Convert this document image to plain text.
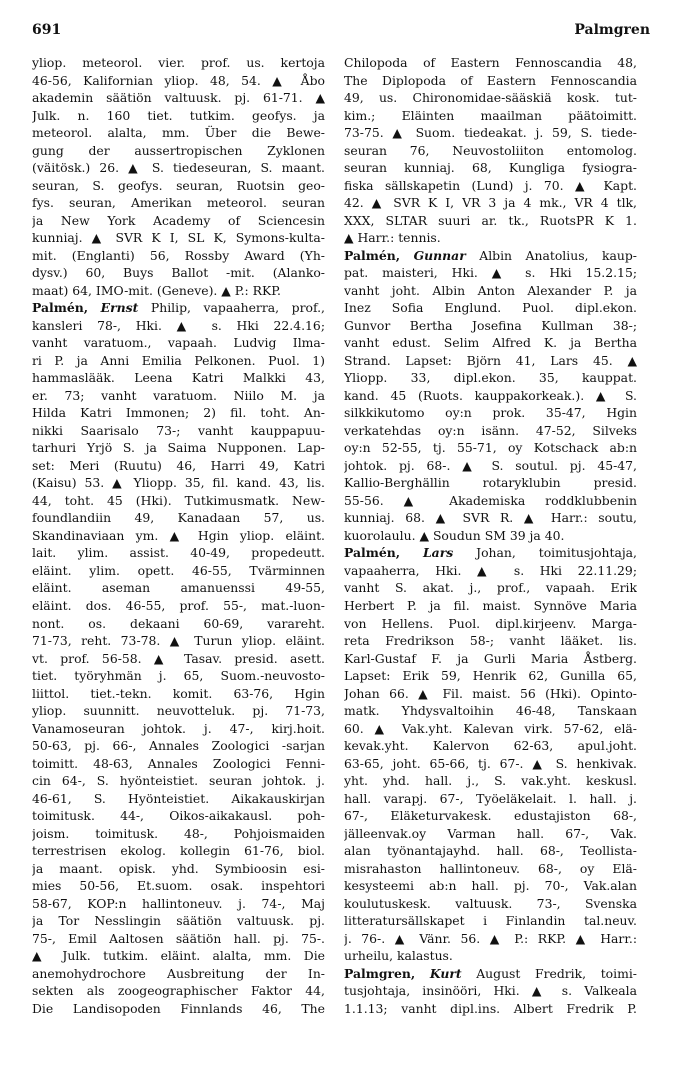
691	Palmgren
yliop. meteorol. vier. prof. us. kertoja
46-56, Kalifornian yliop. 48, 54. ▲ Åbo
akademin säätiön valtuusk. pj. 61-71. ▲
Julk. n. 160 tiet. tutkim. geofys. ja
meteorol. alalta, mm. Über die Bewe-
gung der aussertropischen Zyklonen
(väitösk.) 26. ▲ S. tiedeseuran, S. maant.
seuran, S. geofys. seuran, Ruotsin geo-
fys. seuran, Amerikan meteorol. seuran
ja New York Academy of Sciencesin
kunniaj. ▲ SVR K I, SL K, Symons-kulta-
mit. (Englanti) 56, Rossby Award (Yh-
dysv.) 60, Buys Ballot -mit. (Alanko-
maat) 64, IMO-mit. (Geneve). ▲ P.: RKP.
Palmén, Ernst Philip, vapaaherra, prof.,
kansleri 78-, Hki. ▲ s. Hki 22.4.16;
vanht varatuom., vapaah. Ludvig Ilma-
ri P. ja Anni Emilia Pelkonen. Puol. 1)
hammaslääk. Leena Katri Malkki 43,
er. 73; vanht varatuom. Niilo M. ja
Hilda Katri Immonen; 2) fil. toht. An-
nikki Saarisalo 73-; vanht kauppapuu-
tarhuri Yrjö S. ja Saima Nupponen. Lap-
set: Meri (Ruutu) 46, Harri 49, Katri
(Kaisu) 53. ▲ Yliopp. 35, fil. kand. 43, lis.
44, toht. 45 (Hki). Tutkimusmatk. New-
foundlandiin 49, Kanadaan 57, us.
Skandinaviaan ym. ▲ Hgin yliop. eläint.
lait. ylim. assist. 40-49, propedeutt.
eläint. ylim. opett. 46-55, Tvärminnen
eläint. aseman amanuenssi 49-55,
eläint. dos. 46-55, prof. 55-, mat.-luon-
nont. os. dekaani 60-69, varareht.
71-73, reht. 73-78. ▲ Turun yliop. eläint.
vt. prof. 56-58. ▲ Tasav. presid. asett.
tiet. työryhmän j. 65, Suom.-neuvosto-
liittol. tiet.-tekn. komit. 63-76, Hgin
yliop. suunnitt. neuvotteluk. pj. 71-73,
Vanamoseuran johtok. j. 47-, kirj.hoit.
50-63, pj. 66-, Annales Zoologici -sarjan
toimitt. 48-63, Annales Zoologici Fenni-
cin 64-, S. hyönteistiet. seuran johtok. j.
46-61, S. Hyönteistiet. Aikakauskirjan
toimitusk. 44-, Oikos-aikakausl. poh-
joism. toimitusk. 48-, Pohjoismaiden
terrestrisen ekolog. kollegin 61-76, biol.
ja maant. opisk. yhd. Symbioosin esi-
mies 50-56, Et.suom. osak. inspehtori
58-67, KOP:n hallintoneuv. j. 74-, Maj
ja Tor Nesslingin säätiön valtuusk. pj.
75-, Emil Aaltosen säätiön hall. pj. 75-.
▲ Julk. tutkim. eläint. alalta, mm. Die
anemohydrochore Ausbreitung der In-
sekten als zoogeographischer Faktor 44,
Die Landisopoden Finnlands 46, The
Chilopoda of Eastern Fennoscandia 48,
The Diplopoda of Eastern Fennoscandia
49, us. Chironomidae-sääskiä kosk. tut-
kim.; Eläinten maailman päätoimitt.
73-75. ▲ Suom. tiedeakat. j. 59, S. tiede-
seuran 76, Neuvostoliiton entomolog.
seuran kunniaj. 68, Kungliga fysiogra-
fiska sällskapetin (Lund) j. 70. ▲ Kapt.
42. ▲ SVR K I, VR 3 ja 4 mk., VR 4 tlk,
XXX, SLTAR suuri ar. tk., RuotsPR K 1.
▲ Harr.: tennis.
Palmén, Gunnar Albin Anatolius, kaup-
pat. maisteri, Hki. ▲ s. Hki 15.2.15;
vanht joht. Albin Anton Alexander P. ja
Inez Sofia Englund. Puol. dipl.ekon.
Gunvor Bertha Josefina Kullman 38-;
vanht edust. Selim Alfred K. ja Bertha
Strand. Lapset: Björn 41, Lars 45. ▲
Yliopp. 33, dipl.ekon. 35, kauppat.
kand. 45 (Ruots. kauppakorkeak.). ▲ S.
silkkikutomo oy:n prok. 35-47, Hgin
verkatehdas oy:n isänn. 47-52, Silveks
oy:n 52-55, tj. 55-71, oy Kotschack ab:n
johtok. pj. 68-. ▲ S. soutul. pj. 45-47,
Kallio-Berghällin rotaryklubin presid.
55-56. ▲ Akademiska roddklubbenin
kunniaj. 68. ▲ SVR R. ▲ Harr.: soutu,
kuorolaulu. ▲ Soudun SM 39 ja 40.
Palmén, Lars Johan, toimitusjohtaja,
vapaaherra, Hki. ▲ s. Hki 22.11.29;
vanht S. akat. j., prof., vapaah. Erik
Herbert P. ja fil. maist. Synnöve Maria
von Hellens. Puol. dipl.kirjeenv. Marga-
reta Fredrikson 58-; vanht lääket. lis.
Karl-Gustaf F. ja Gurli Maria Åstberg.
Lapset: Erik 59, Henrik 62, Gunilla 65,
Johan 66. ▲ Fil. maist. 56 (Hki). Opinto-
matk. Yhdysvaltoihin 46-48, Tanskaan
60. ▲ Vak.yht. Kalevan virk. 57-62, elä-
kevak.yht. Kalervon 62-63, apul.joht.
63-65, joht. 65-66, tj. 67-. ▲ S. henkivak.
yht. yhd. hall. j., S. vak.yht. keskusl.
hall. varapj. 67-, Työeläkelait. l. hall. j.
67-, Eläketurvakesk. edustajiston 68-,
jälleenvak.oy Varman hall. 67-, Vak.
alan työnantajayhd. hall. 68-, Teollista-
misrahaston hallintoneuv. 68-, oy Elä-
kesysteemi ab:n hall. pj. 70-, Vak.alan
koulutuskesk. valtuusk. 73-, Svenska
litteratursällskapet i Finlandin tal.neuv.
j. 76-. ▲ Vänr. 56. ▲ P.: RKP. ▲ Harr.:
urheilu, kalastus.
Palmgren, Kurt August Fredrik, toimi-
tusjohtaja, insinööri, Hki. ▲ s. Valkeala
1.1.13; vanht dipl.ins. Albert Fredrik P.
